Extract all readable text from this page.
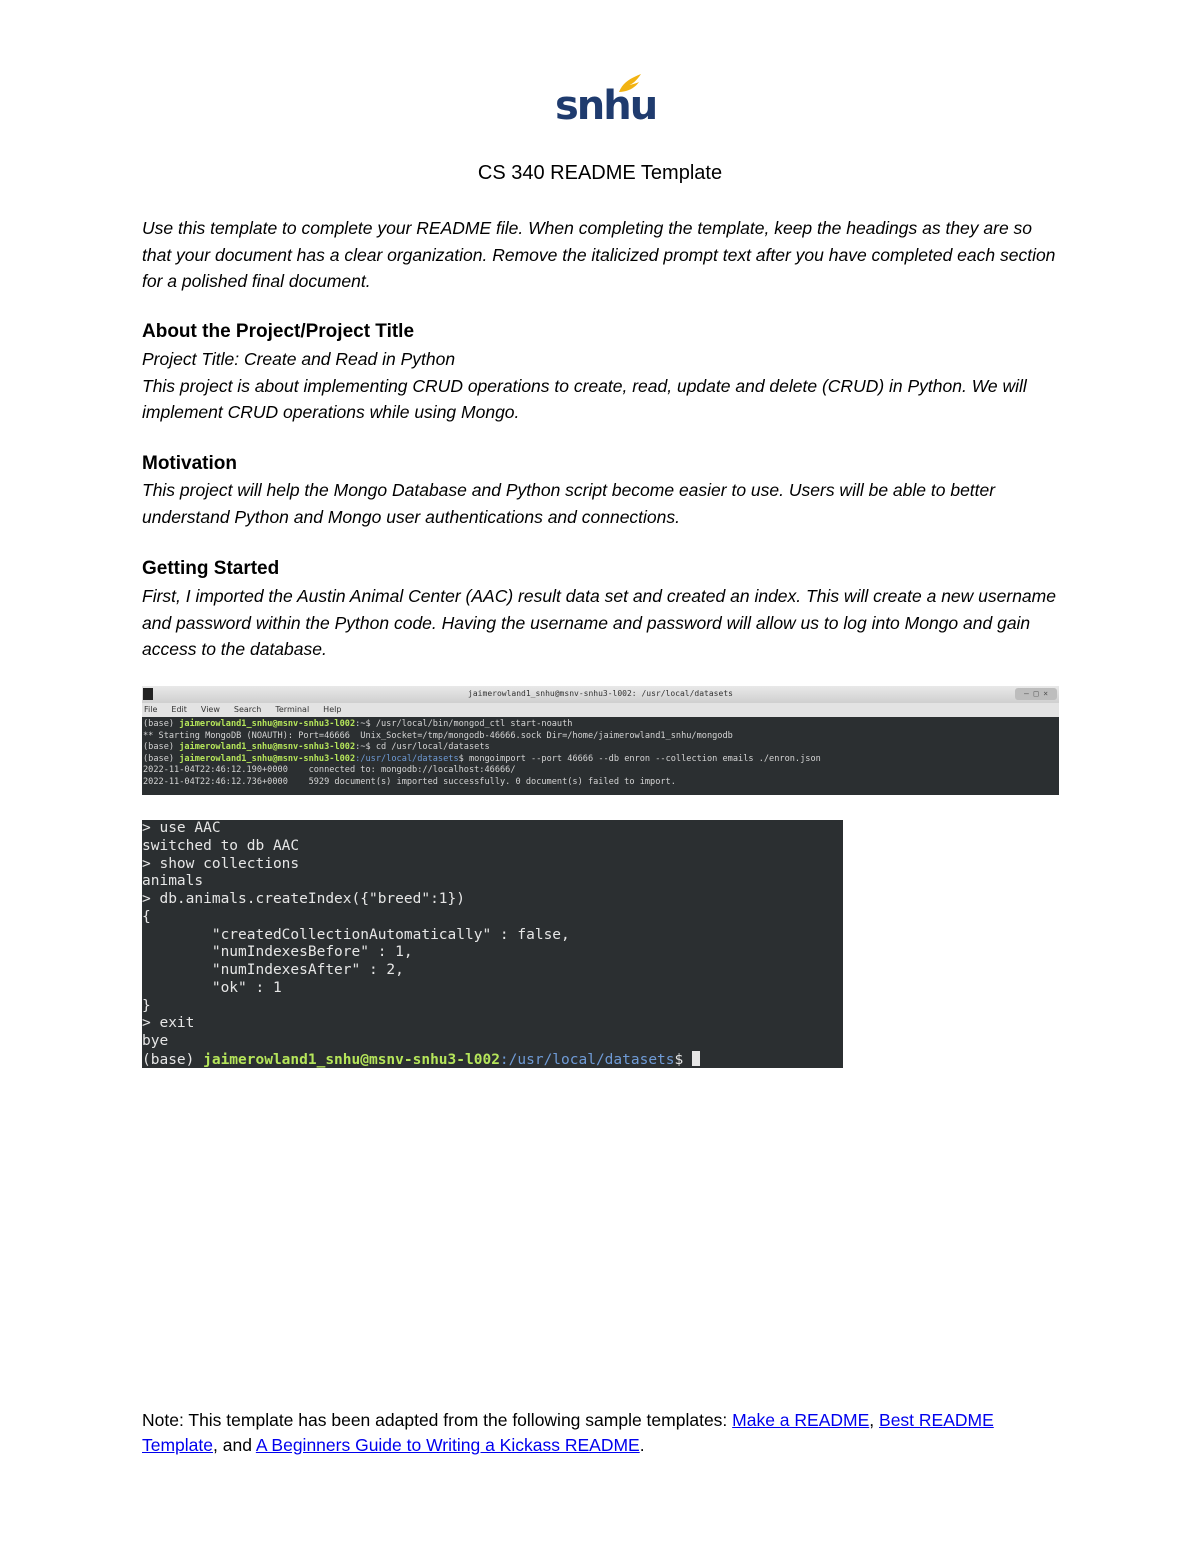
snhu
CS 340 README Template
Use this template to complete your README file. When completing the template, keep the headings as they are so that your document has a clear organization. Remove the italicized prompt text after you have completed each section for a polished final document.
About the Project/Project Title
Project Title: Create and Read in Python
This project is about implementing CRUD operations to create, read, update and delete (CRUD) in Python. We will implement CRUD operations while using Mongo.
Motivation
This project will help the Mongo Database and Python script become easier to use. Users will be able to better understand Python and Mongo user authentications and connections.
Getting Started
First, I imported the Austin Animal Center (AAC) result data set and created an index. This will create a new username and password within the Python code. Having the username and password will allow us to log into Mongo and gain access to the database.
jaimerowland1_snhu@msnv-snhu3-l002: /usr/local/datasets	– □ ×
File Edit View Search Terminal Help
(base) jaimerowland1_snhu@msnv-snhu3-l002:~$ /usr/local/bin/mongod_ctl start-noauth
** Starting MongoDB (NOAUTH): Port=46666  Unix_Socket=/tmp/mongodb-46666.sock Dir=/home/jaimerowland1_snhu/mongodb
(base) jaimerowland1_snhu@msnv-snhu3-l002:~$ cd /usr/local/datasets
(base) jaimerowland1_snhu@msnv-snhu3-l002:/usr/local/datasets$ mongoimport --port 46666 --db enron --collection emails ./enron.json
2022-11-04T22:46:12.190+0000    connected to: mongodb://localhost:46666/
2022-11-04T22:46:12.736+0000    5929 document(s) imported successfully. 0 document(s) failed to import.
> use AAC
switched to db AAC
> show collections
animals
> db.animals.createIndex({"breed":1})
{
"createdCollectionAutomatically" : false,
"numIndexesBefore" : 1,
"numIndexesAfter" : 2,
"ok" : 1
}
> exit
bye
(base) jaimerowland1_snhu@msnv-snhu3-l002:/usr/local/datasets$
Note: This template has been adapted from the following sample templates: Make a README, Best README Template, and A Beginners Guide to Writing a Kickass README.
